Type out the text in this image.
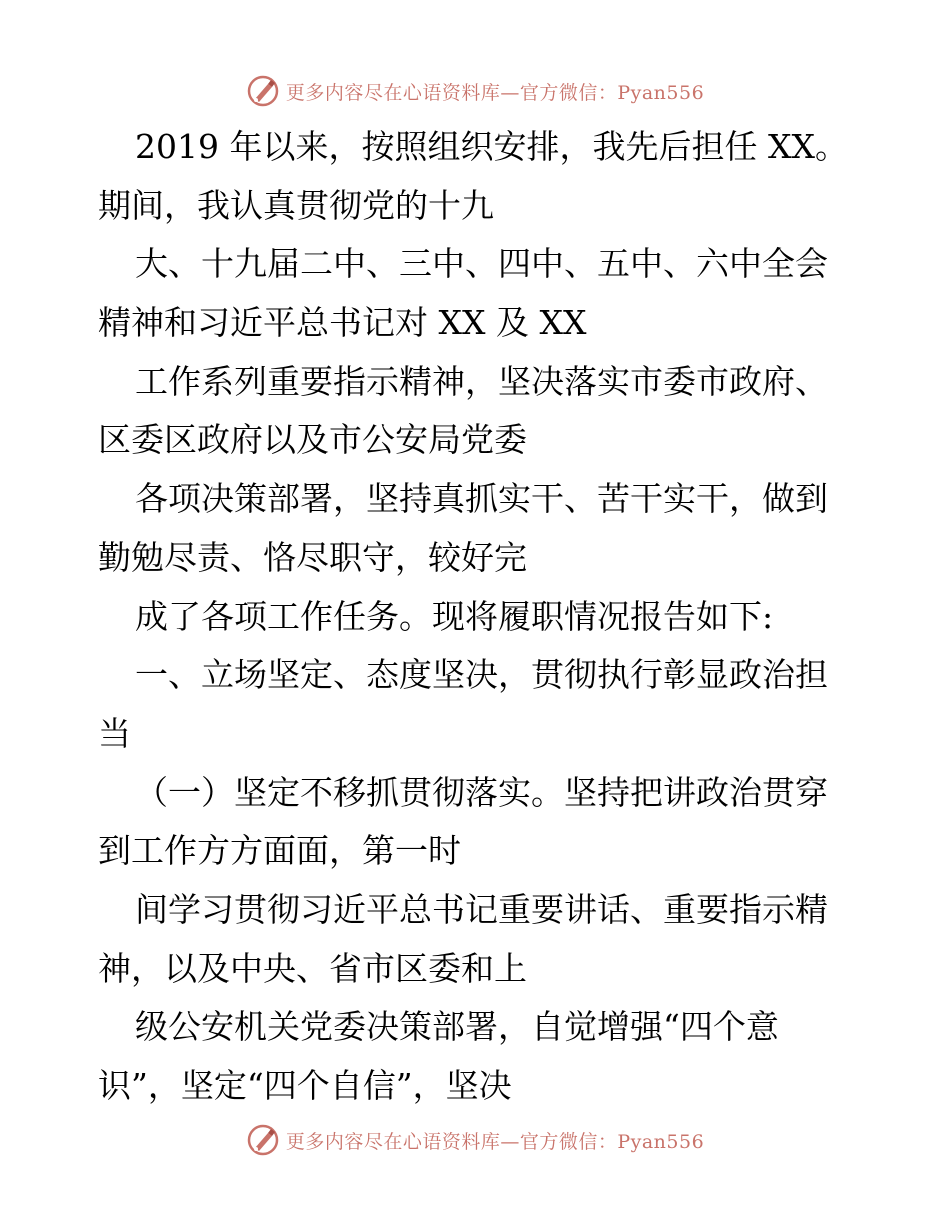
更多内容尽在心语资料库—官方微信：Pyan556
2019 年以来，按照组织安排，我先后担任 XX。
期间，我认真贯彻党的十九
大、十九届二中、三中、四中、五中、六中全会
精神和习近平总书记对 XX 及 XX
工作系列重要指示精神，坚决落实市委市政府、
区委区政府以及市公安局党委
各项决策部署，坚持真抓实干、苦干实干，做到
勤勉尽责、恪尽职守，较好完
成了各项工作任务。现将履职情况报告如下:
一、立场坚定、态度坚决，贯彻执行彰显政治担
当
（一）坚定不移抓贯彻落实。坚持把讲政治贯穿
到工作方方面面，第一时
间学习贯彻习近平总书记重要讲话、重要指示精
神，以及中央、省市区委和上
级公安机关党委决策部署，自觉增强“四个意
识”，坚定“四个自信”，坚决
更多内容尽在心语资料库—官方微信：Pyan556
